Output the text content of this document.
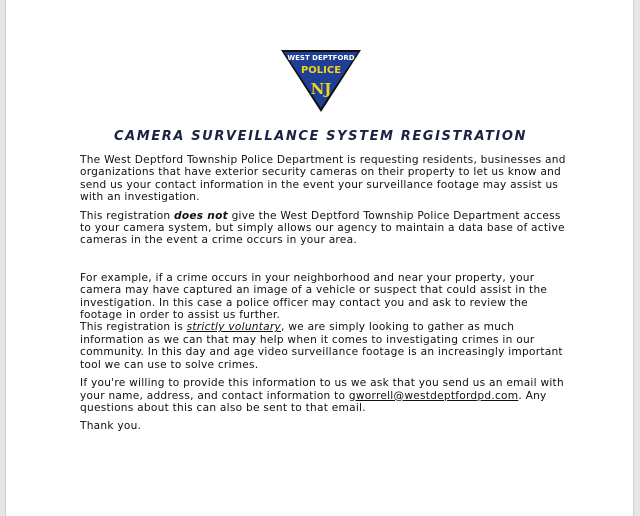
WEST DEPTFORD
POLICE
NJ
CAMERA SURVEILLANCE SYSTEM REGISTRATION

The West Deptford Township Police Department is requesting residents, businesses and organizations that have exterior security cameras on their property to let us know and send us your contact information in the event your surveillance footage may assist us with an investigation.

This registration does not give the West Deptford Township Police Department access to your camera system, but simply allows our agency to maintain a data base of active cameras in the event a crime occurs in your area.

For example, if a crime occurs in your neighborhood and near your property, your camera may have captured an image of a vehicle or suspect that could assist in the investigation. In this case a police officer may contact you and ask to review the footage in order to assist us further.

This registration is strictly voluntary, we are simply looking to gather as much information as we can that may help when it comes to investigating crimes in our community. In this day and age video surveillance footage is an increasingly important tool we can use to solve crimes.

If you're willing to provide this information to us we ask that you send us an email with your name, address, and contact information to gworrell@westdeptfordpd.com. Any questions about this can also be sent to that email.

Thank you.
